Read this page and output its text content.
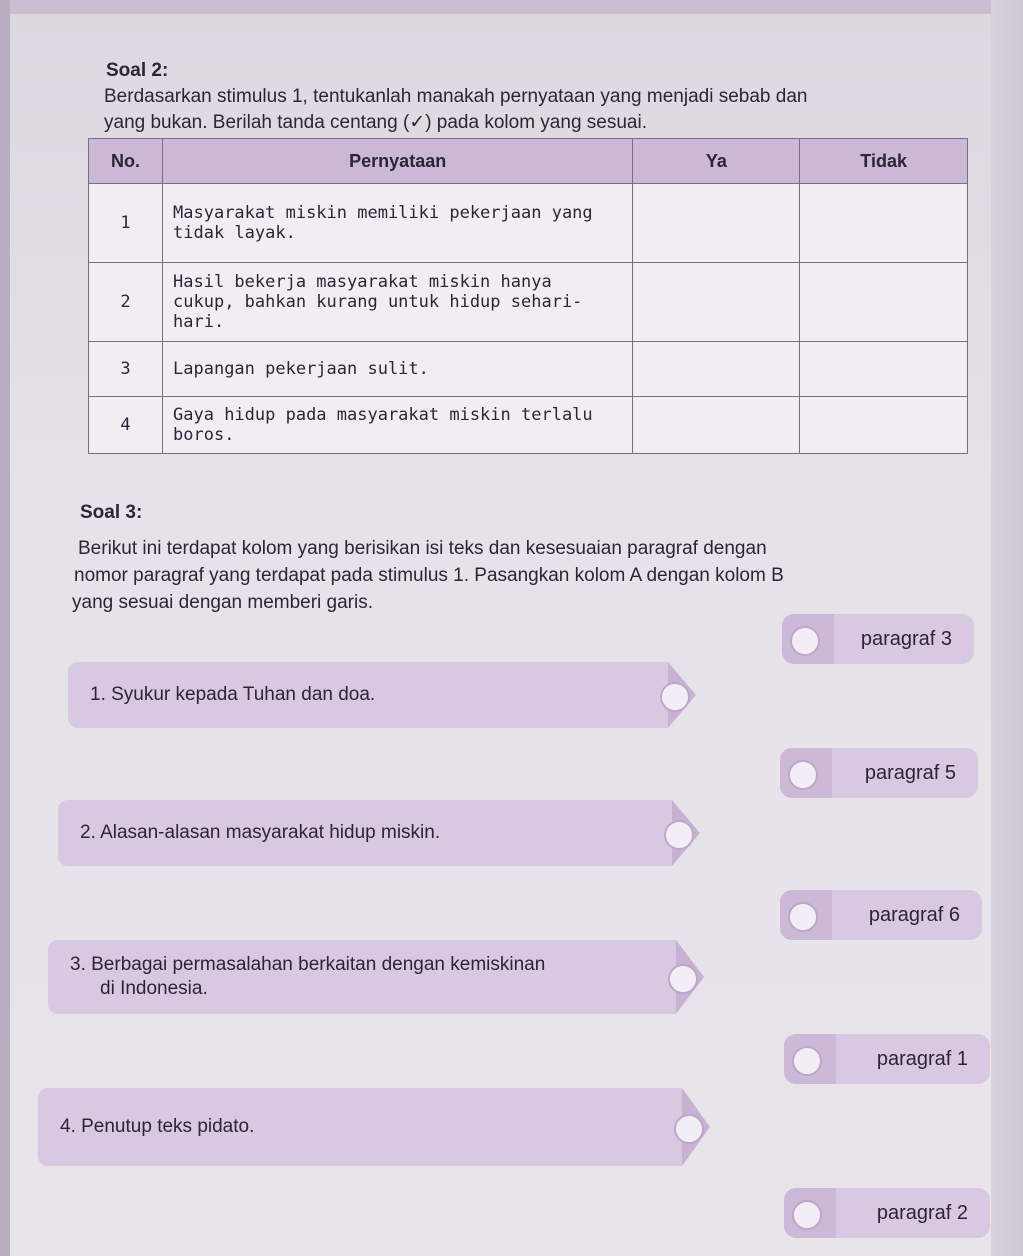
Soal 2:
Berdasarkan stimulus 1, tentukanlah manakah pernyataan yang menjadi sebab dan
yang bukan. Berilah tanda centang (✓) pada kolom yang sesuai.
No.	Pernyataan	Ya	Tidak
1	Masyarakat miskin memiliki pekerjaan yang tidak layak.		
2	Hasil bekerja masyarakat miskin hanya cukup, bahkan kurang untuk hidup sehari-hari.		
3	Lapangan pekerjaan sulit.		
4	Gaya hidup pada masyarakat miskin terlalu boros.		
Soal 3:
Berikut ini terdapat kolom yang berisikan isi teks dan kesesuaian paragraf dengan
nomor paragraf yang terdapat pada stimulus 1. Pasangkan kolom A dengan kolom B
yang sesuai dengan memberi garis.
paragraf 3
paragraf 5
paragraf 6
paragraf 1
paragraf 2
1. Syukur kepada Tuhan dan doa.
2. Alasan-alasan masyarakat hidup miskin.
3. Berbagai permasalahan berkaitan dengan kemiskinan
di Indonesia.
4. Penutup teks pidato.
